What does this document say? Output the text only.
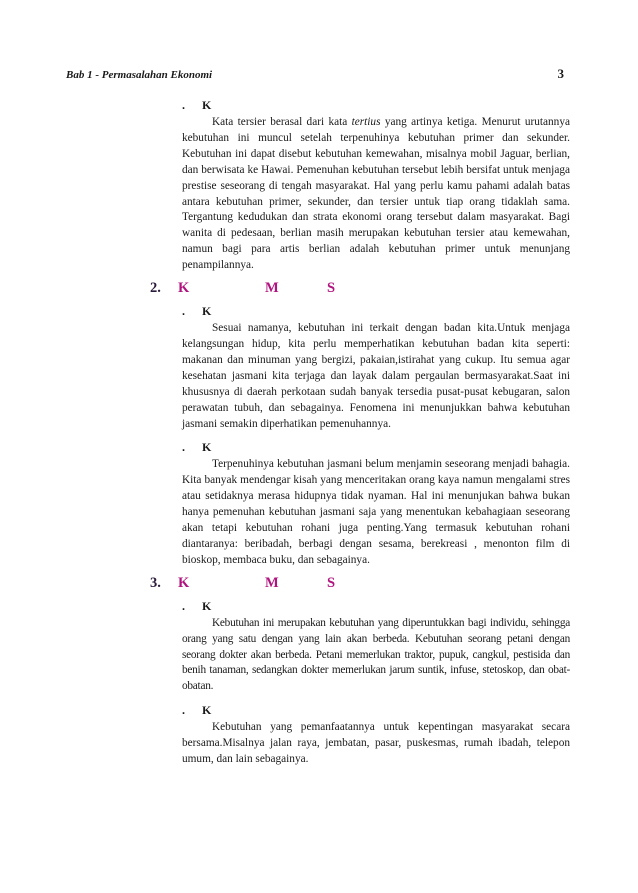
Bab 1 - Permasalahan Ekonomi	3
.	K

Kata tersier berasal dari kata tertius yang artinya ketiga. Menurut urutannya kebutuhan ini muncul setelah terpenuhinya kebutuhan primer dan sekunder. Kebutuhan ini dapat disebut kebutuhan kemewahan, misalnya mobil Jaguar, berlian, dan berwisata ke Hawai. Pemenuhan kebutuhan tersebut lebih bersifat untuk menjaga prestise seseorang di tengah masyarakat. Hal yang perlu kamu pahami adalah batas antara kebutuhan primer, sekunder, dan tersier untuk tiap orang tidaklah sama. Tergantung kedudukan dan strata ekonomi orang tersebut dalam masyarakat. Bagi wanita di pedesaan, berlian masih merupakan kebutuhan tersier atau kemewahan, namun bagi para artis berlian adalah kebutuhan primer untuk menunjang penampilannya.

2.	K	M	S
.	K

Sesuai namanya, kebutuhan ini terkait dengan badan kita.Untuk menjaga kelangsungan hidup, kita perlu memperhatikan kebutuhan badan kita seperti: makanan dan minuman yang bergizi, pakaian,istirahat yang cukup. Itu semua agar kesehatan jasmani kita terjaga dan layak dalam pergaulan bermasyarakat.Saat ini khususnya di daerah perkotaan sudah banyak tersedia pusat-pusat kebugaran, salon perawatan tubuh, dan sebagainya. Fenomena ini menunjukkan bahwa kebutuhan jasmani semakin diperhatikan pemenuhannya.

.	K

Terpenuhinya kebutuhan jasmani belum menjamin seseorang menjadi bahagia. Kita banyak mendengar kisah yang menceritakan orang kaya namun mengalami stres atau setidaknya merasa hidupnya tidak nyaman. Hal ini menunjukan bahwa bukan hanya pemenuhan kebutuhan jasmani saja yang menentukan kebahagiaan seseorang akan tetapi kebutuhan rohani juga penting.Yang termasuk kebutuhan rohani diantaranya: beribadah, berbagi dengan sesama, berekreasi , menonton film di bioskop, membaca buku, dan sebagainya.

3.	K	M	S
.	K

Kebutuhan ini merupakan kebutuhan yang diperuntukkan bagi individu, sehingga orang yang satu dengan yang lain akan berbeda. Kebutuhan seorang petani dengan seorang dokter akan berbeda. Petani memerlukan traktor, pupuk, cangkul, pestisida dan benih tanaman, sedangkan dokter memerlukan jarum suntik, infuse, stetoskop, dan obat-obatan.

.	K

Kebutuhan yang pemanfaatannya untuk kepentingan masyarakat secara bersama.Misalnya jalan raya, jembatan, pasar, puskesmas, rumah ibadah, telepon umum, dan lain sebagainya.
